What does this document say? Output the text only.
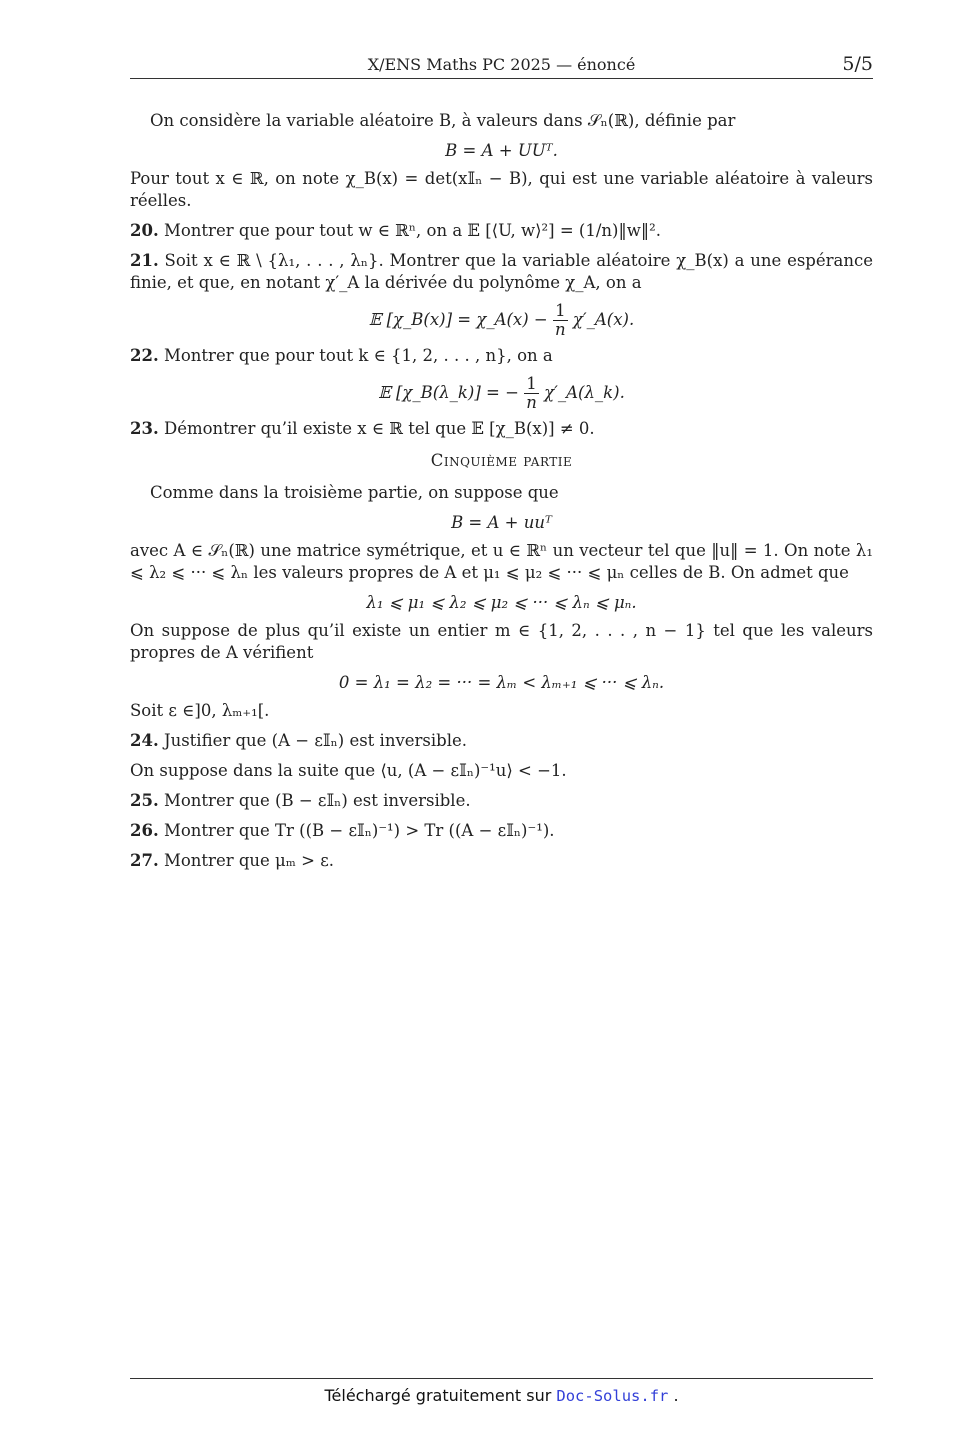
X/ENS Maths PC 2025 — énoncé	5/5

On considère la variable aléatoire B, à valeurs dans 𝒮ₙ(ℝ), définie par

B = A + UUᵀ.

Pour tout x ∈ ℝ, on note χ_B(x) = det(x𝕀ₙ − B), qui est une variable aléatoire à valeurs réelles.

20. Montrer que pour tout w ∈ ℝⁿ, on a 𝔼 [⟨U, w⟩²] = (1/n)‖w‖².

21. Soit x ∈ ℝ \ {λ₁, . . . , λₙ}. Montrer que la variable aléatoire χ_B(x) a une espérance finie, et que, en notant χ′_A la dérivée du polynôme χ_A, on a

𝔼 [χ_B(x)] = χ_A(x) − $\frac{1}{n}$ χ′_A(x).

22. Montrer que pour tout k ∈ {1, 2, . . . , n}, on a

𝔼 [χ_B(λ_k)] = − $\frac{1}{n}$ χ′_A(λ_k).

23. Démontrer qu’il existe x ∈ ℝ tel que 𝔼 [χ_B(x)] ≠ 0.

Cinquième partie

Comme dans la troisième partie, on suppose que

B = A + uuᵀ

avec A ∈ 𝒮ₙ(ℝ) une matrice symétrique, et u ∈ ℝⁿ un vecteur tel que ‖u‖ = 1. On note λ₁ ⩽ λ₂ ⩽ ··· ⩽ λₙ les valeurs propres de A et μ₁ ⩽ μ₂ ⩽ ··· ⩽ μₙ celles de B. On admet que

λ₁ ⩽ μ₁ ⩽ λ₂ ⩽ μ₂ ⩽ ··· ⩽ λₙ ⩽ μₙ.

On suppose de plus qu’il existe un entier m ∈ {1, 2, . . . , n − 1} tel que les valeurs propres de A vérifient

0 = λ₁ = λ₂ = ··· = λₘ < λₘ₊₁ ⩽ ··· ⩽ λₙ.

Soit ε ∈]0, λₘ₊₁[.

24. Justifier que (A − ε𝕀ₙ) est inversible.

On suppose dans la suite que ⟨u, (A − ε𝕀ₙ)⁻¹u⟩ < −1.

25. Montrer que (B − ε𝕀ₙ) est inversible.

26. Montrer que Tr ((B − ε𝕀ₙ)⁻¹) > Tr ((A − ε𝕀ₙ)⁻¹).

27. Montrer que μₘ > ε.

Téléchargé gratuitement sur Doc-Solus.fr .
